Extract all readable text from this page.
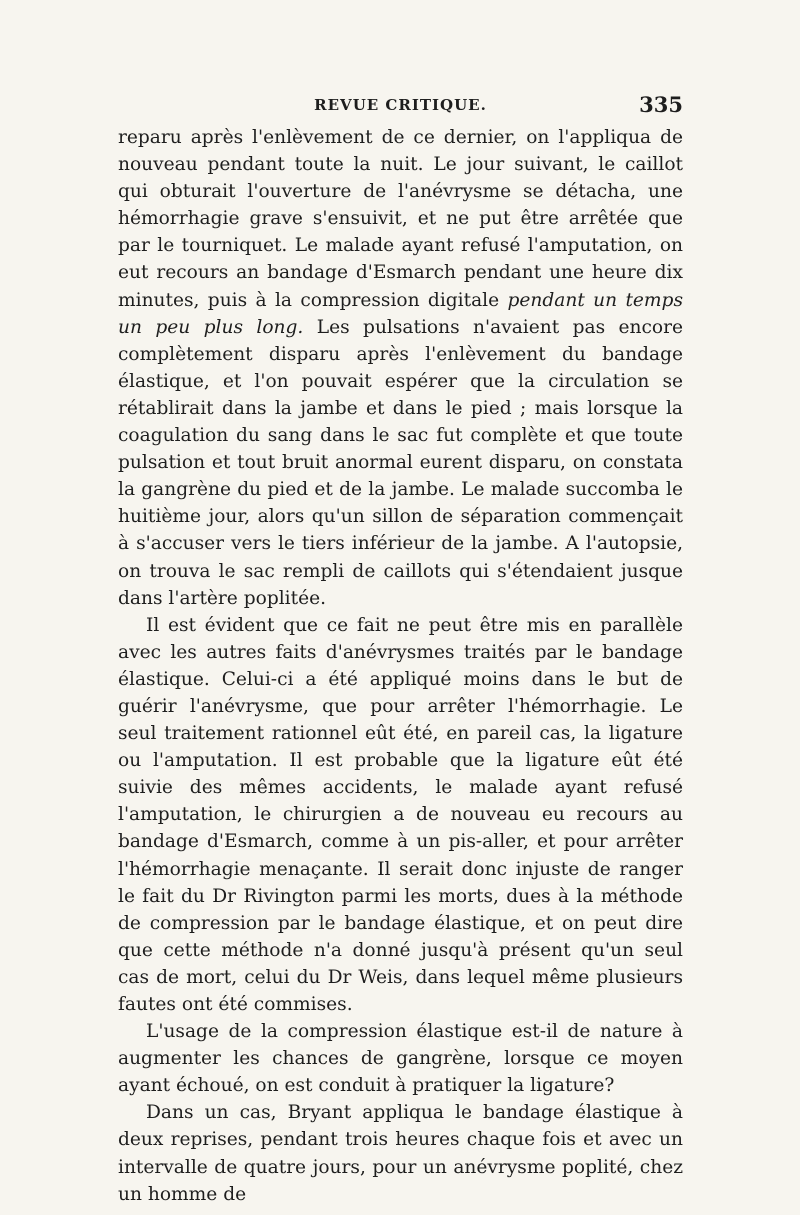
REVUE CRITIQUE.	335

reparu après l'enlèvement de ce dernier, on l'appliqua de nouveau pendant toute la nuit. Le jour suivant, le caillot qui obturait l'ouverture de l'anévrysme se détacha, une hémorrhagie grave s'ensuivit, et ne put être arrêtée que par le tourniquet. Le malade ayant refusé l'amputation, on eut recours an bandage d'Esmarch pendant une heure dix minutes, puis à la compression digitale pendant un temps un peu plus long. Les pulsations n'avaient pas encore complètement disparu après l'enlèvement du bandage élastique, et l'on pouvait espérer que la circulation se rétablirait dans la jambe et dans le pied ; mais lorsque la coagulation du sang dans le sac fut complète et que toute pulsation et tout bruit anormal eurent disparu, on constata la gangrène du pied et de la jambe. Le malade succomba le huitième jour, alors qu'un sillon de séparation commençait à s'accuser vers le tiers inférieur de la jambe. A l'autopsie, on trouva le sac rempli de caillots qui s'étendaient jusque dans l'artère poplitée.

Il est évident que ce fait ne peut être mis en parallèle avec les autres faits d'anévrysmes traités par le bandage élastique. Celui-ci a été appliqué moins dans le but de guérir l'anévrysme, que pour arrêter l'hémorrhagie. Le seul traitement rationnel eût été, en pareil cas, la ligature ou l'amputation. Il est probable que la ligature eût été suivie des mêmes accidents, le malade ayant refusé l'amputation, le chirurgien a de nouveau eu recours au bandage d'Esmarch, comme à un pis-aller, et pour arrêter l'hémorrhagie menaçante. Il serait donc injuste de ranger le fait du Dr Rivington parmi les morts, dues à la méthode de compression par le bandage élastique, et on peut dire que cette méthode n'a donné jusqu'à présent qu'un seul cas de mort, celui du Dr Weis, dans lequel même plusieurs fautes ont été commises.

L'usage de la compression élastique est-il de nature à augmenter les chances de gangrène, lorsque ce moyen ayant échoué, on est conduit à pratiquer la ligature?

Dans un cas, Bryant appliqua le bandage élastique à deux reprises, pendant trois heures chaque fois et avec un intervalle de quatre jours, pour un anévrysme poplité, chez un homme de
